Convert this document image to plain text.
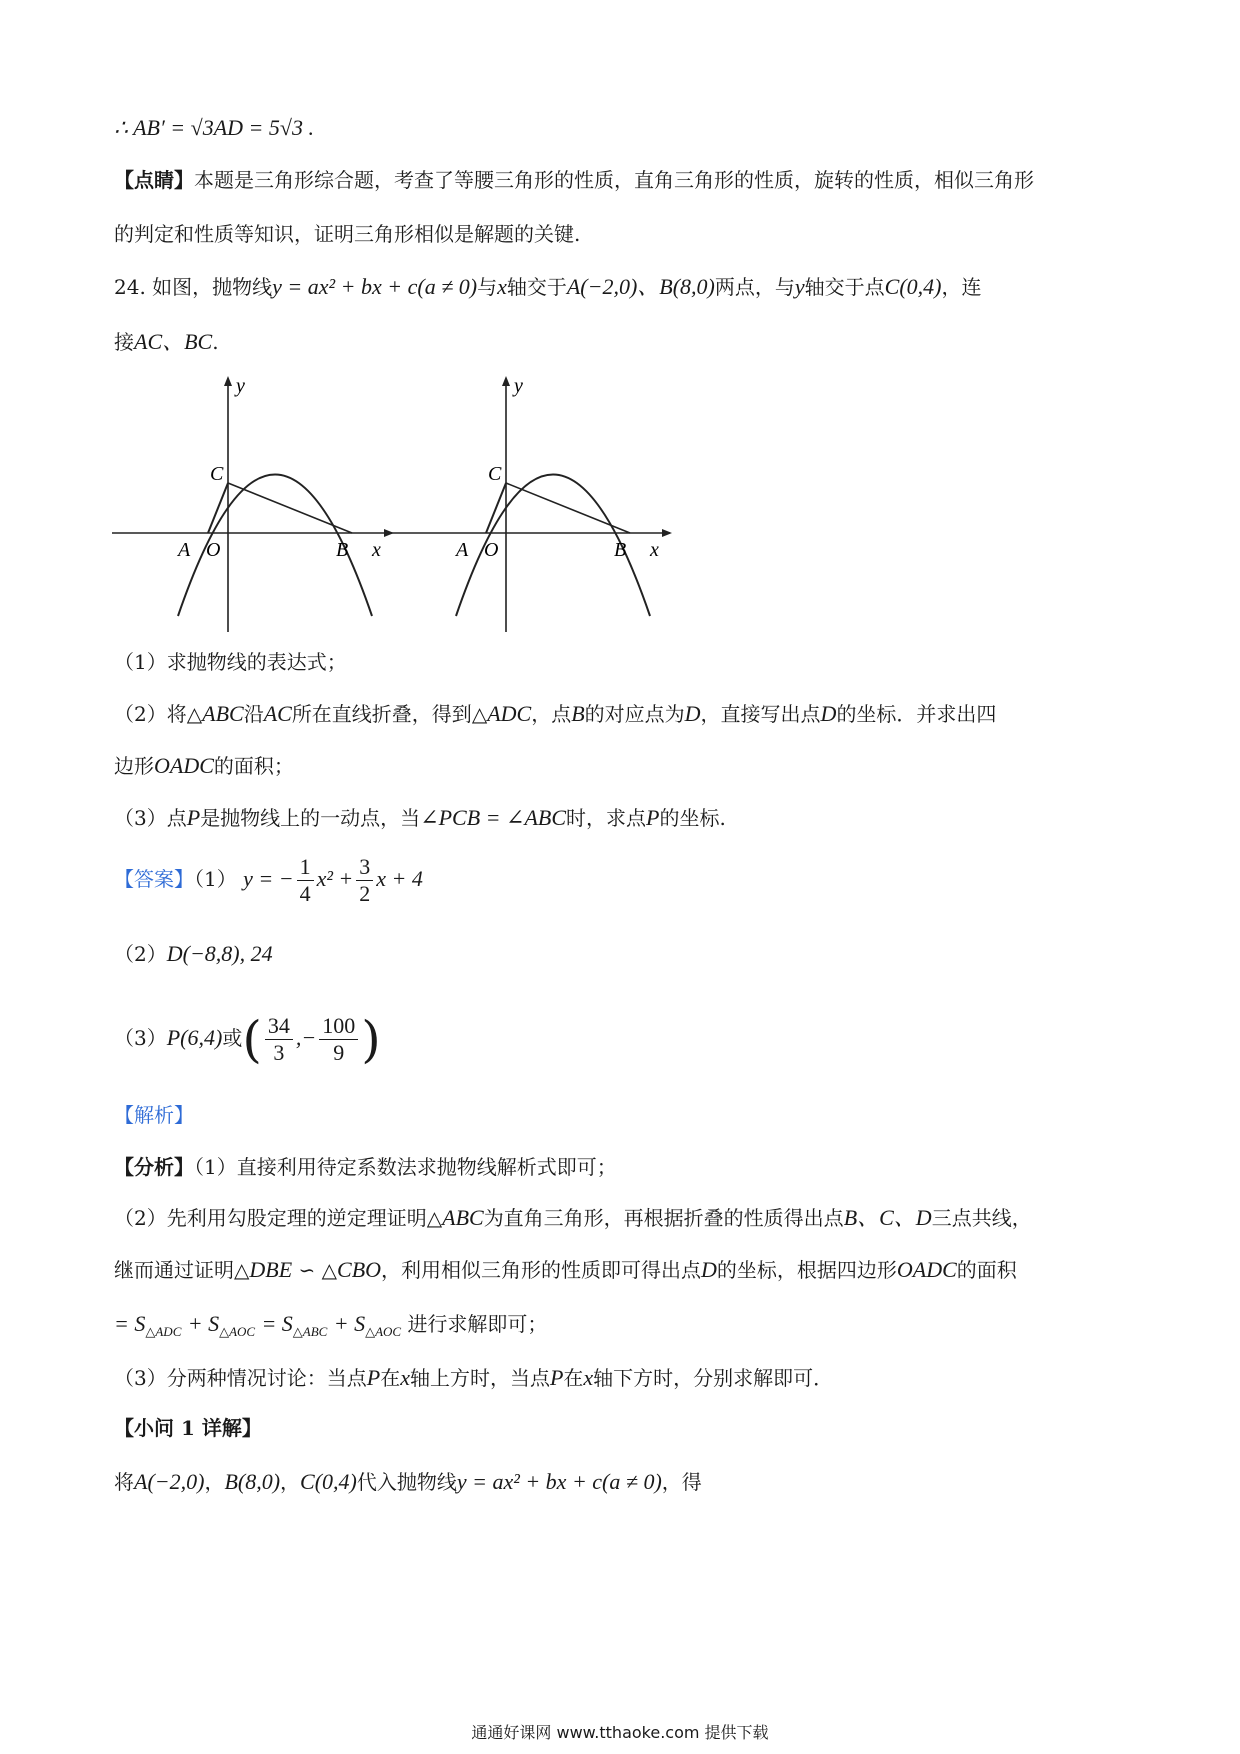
∴ AB′ = √3AD = 5√3 .
【点睛】本题是三角形综合题，考查了等腰三角形的性质，直角三角形的性质，旋转的性质，相似三角形
的判定和性质等知识，证明三角形相似是解题的关键.
24. 如图，抛物线y = ax² + bx + c(a ≠ 0)与x轴交于A(−2,0)、B(8,0)两点，与y轴交于点C(0,4)，连
接AC、BC.
y
C
A O	B x
y
C
A O	B x
（1）求抛物线的表达式；
（2）将△ABC沿AC所在直线折叠，得到△ADC，点B的对应点为D，直接写出点D的坐标．并求出四
边形OADC的面积；
（3）点P是抛物线上的一动点，当∠PCB = ∠ABC时，求点P的坐标.
【答案】（1） y = − $\frac{1}{4} x^2 + \frac{3}{2}$ x + 4
（2）D(−8,8), 24
（3）P(6,4)或( $\frac{34}{3}$ ,− $\frac{100}{9}$ )
【解析】
【分析】（1）直接利用待定系数法求抛物线解析式即可；
（2）先利用勾股定理的逆定理证明△ABC为直角三角形，再根据折叠的性质得出点B、C、D三点共线，
继而通过证明△DBE ∽ △CBO，利用相似三角形的性质即可得出点D的坐标，根据四边形OADC的面积
= $S_{\triangle ADC} + S_{\triangle AOC} = S_{\triangle ABC} + S_{\triangle AOC}$ 进行求解即可；
（3）分两种情况讨论：当点P在x轴上方时，当点P在x轴下方时，分别求解即可．
【小问 1 详解】
将A(−2,0)，B(8,0)，C(0,4)代入抛物线y = ax² + bx + c(a ≠ 0)，得
通通好课网 www.tthaoke.com 提供下载
